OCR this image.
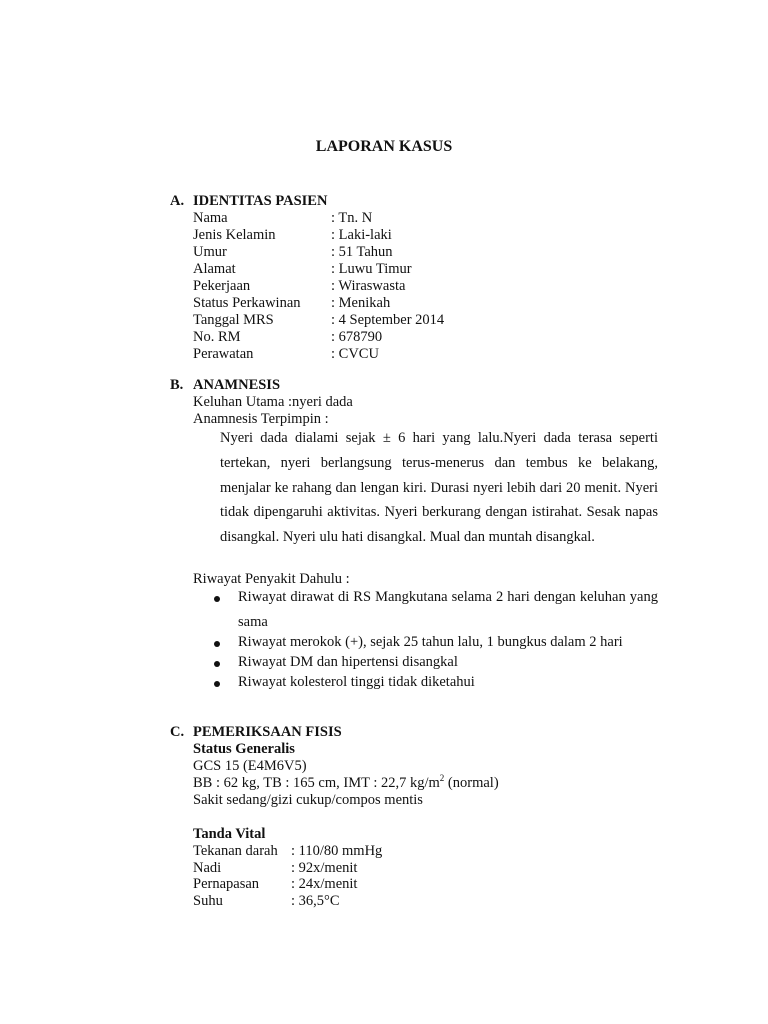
LAPORAN KASUS
A. IDENTITAS PASIEN
Nama	: Tn. N
Jenis Kelamin	: Laki-laki
Umur	: 51 Tahun
Alamat	: Luwu Timur
Pekerjaan	: Wiraswasta
Status Perkawinan : Menikah
Tanggal MRS	: 4 September 2014
No. RM	: 678790
Perawatan	: CVCU
B. ANAMNESIS
Keluhan Utama :nyeri dada
Anamnesis Terpimpin :
Nyeri dada dialami sejak ± 6 hari yang lalu.Nyeri dada terasa seperti tertekan, nyeri berlangsung terus-menerus dan tembus ke belakang, menjalar ke rahang dan lengan kiri. Durasi nyeri lebih dari 20 menit. Nyeri tidak dipengaruhi aktivitas. Nyeri berkurang dengan istirahat. Sesak napas disangkal. Nyeri ulu hati disangkal. Mual dan muntah disangkal.
Riwayat Penyakit Dahulu :
Riwayat dirawat di RS Mangkutana selama 2 hari dengan keluhan yang sama
Riwayat merokok (+), sejak 25 tahun lalu, 1 bungkus dalam 2 hari
Riwayat DM dan hipertensi disangkal
Riwayat kolesterol tinggi tidak diketahui
C. PEMERIKSAAN FISIS
Status Generalis
GCS 15 (E4M6V5)
BB : 62 kg, TB : 165 cm, IMT : 22,7 $kg/m^2$ (normal)
Sakit sedang/gizi cukup/compos mentis
Tanda Vital
Tekanan darah : 110/80 mmHg
Nadi	: 92x/menit
Pernapasan : 24x/menit
Suhu	: 36,5°C
